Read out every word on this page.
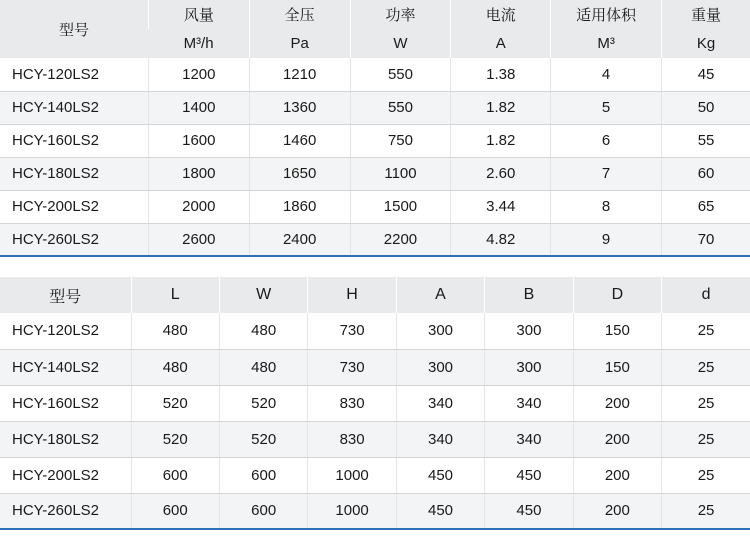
型号	风量	全压	功率	电流	适用体积	重量
	M³/h	Pa	W	A	M³	Kg
HCY-120LS2	1200	1210	550	1.38	4	45
HCY-140LS2	1400	1360	550	1.82	5	50
HCY-160LS2	1600	1460	750	1.82	6	55
HCY-180LS2	1800	1650	1100	2.60	7	60
HCY-200LS2	2000	1860	1500	3.44	8	65
HCY-260LS2	2600	2400	2200	4.82	9	70
型号	L	W	H	A	B	D	d
HCY-120LS2	480	480	730	300	300	150	25
HCY-140LS2	480	480	730	300	300	150	25
HCY-160LS2	520	520	830	340	340	200	25
HCY-180LS2	520	520	830	340	340	200	25
HCY-200LS2	600	600	1000	450	450	200	25
HCY-260LS2	600	600	1000	450	450	200	25
